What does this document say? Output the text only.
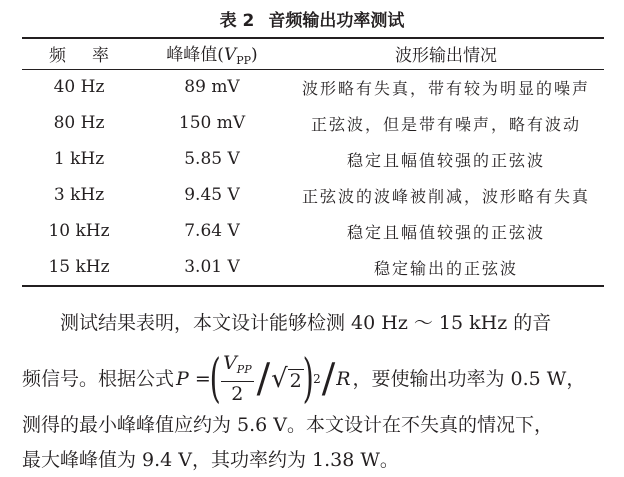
表 2 音频输出功率测试
频 率	峰峰值$(V_{PP})$	波形输出情况
40 Hz	89 mV	波形略有失真，带有较为明显的噪声
80 Hz	150 mV	正弦波，但是带有噪声，略有波动
1 kHz	5.85 V	稳定且幅值较强的正弦波
3 kHz	9.45 V	正弦波的波峰被削减，波形略有失真
10 kHz	7.64 V	稳定且幅值较强的正弦波
15 kHz	3.01 V	稳定输出的正弦波
测试结果表明，本文设计能够检测 40 Hz ～ 15 kHz 的音
频信号。根据公式 P =
( $\frac{V_{PP}}{2}$ / √ 2 ) 2 / R ，要使输出功率为 0.5 W，
测得的最小峰峰值应约为 5.6 V。本文设计在不失真的情况下，
最大峰峰值为 9.4 V，其功率约为 1.38 W。
